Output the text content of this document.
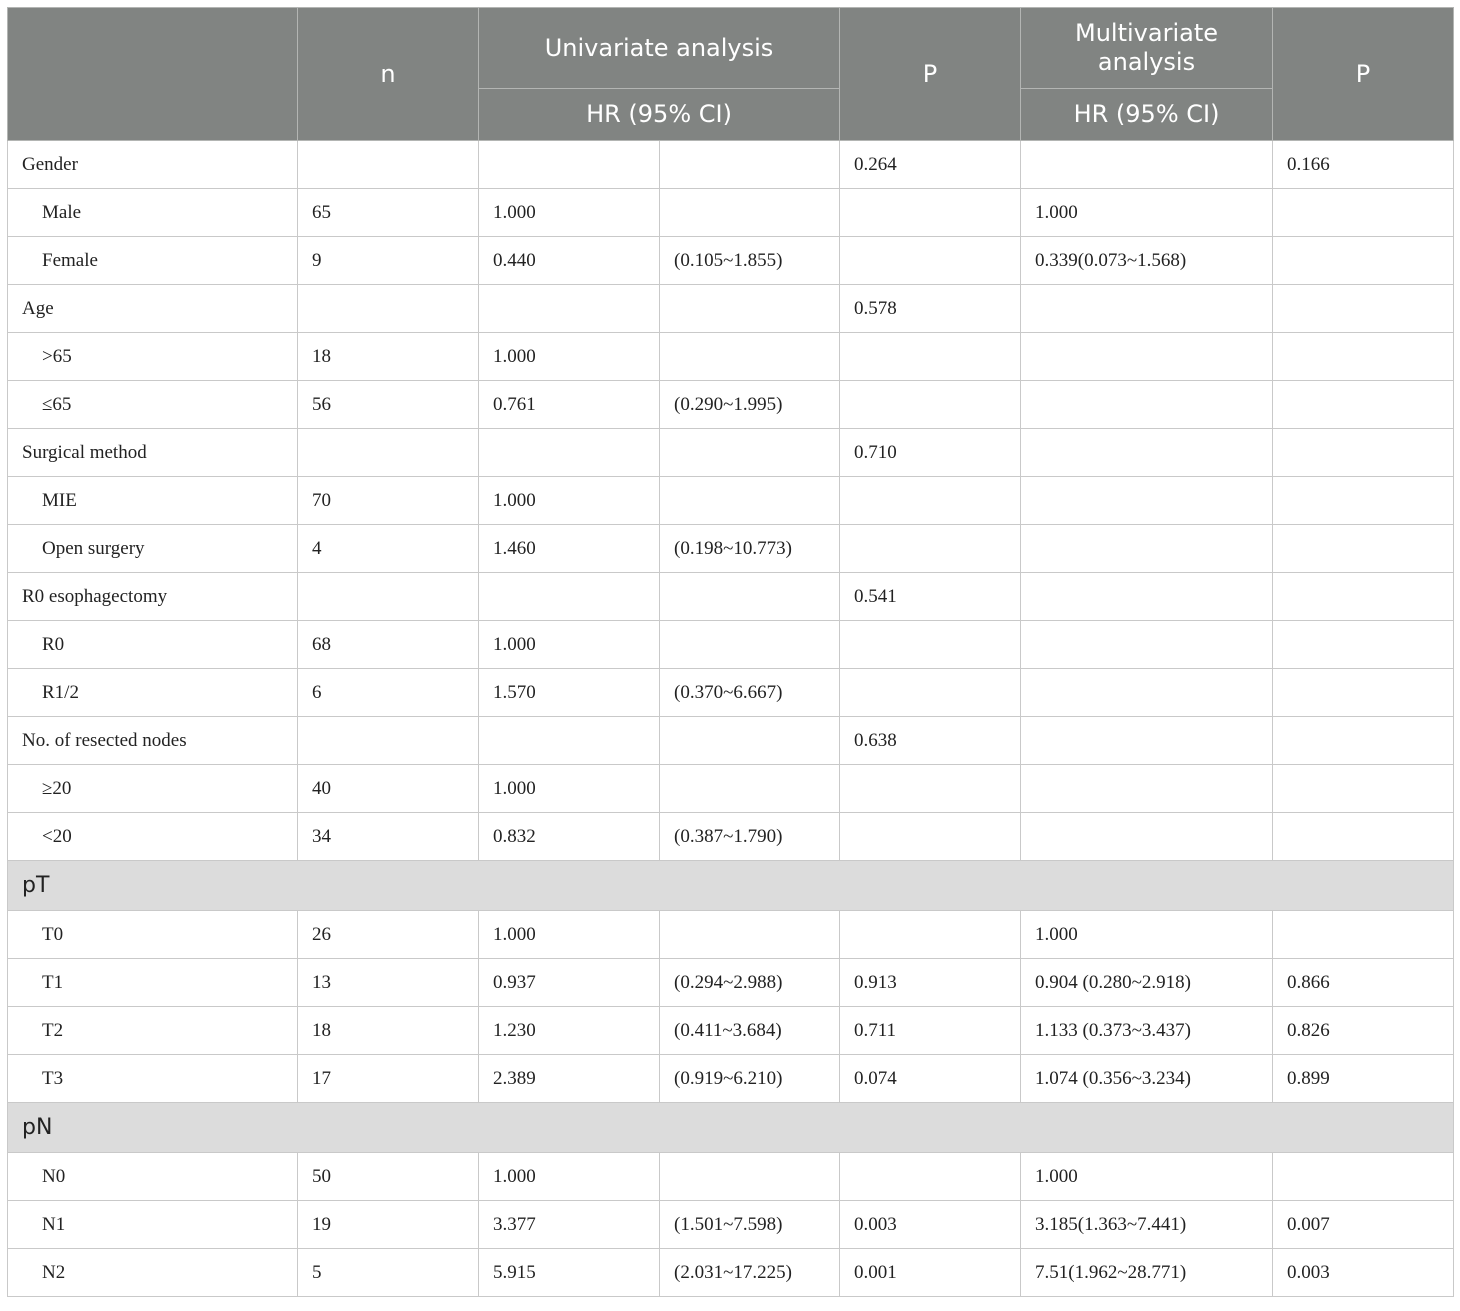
	n	Univariate analysis		P	Multivariate analysis	P
		HR (95% CI)			HR (95% CI)	
Gender				0.264		0.166
Male	65	1.000			1.000	
Female	9	0.440	(0.105~1.855)		0.339(0.073~1.568)	
Age				0.578		
>65	18	1.000				
≤65	56	0.761	(0.290~1.995)			
Surgical method				0.710		
MIE	70	1.000				
Open surgery	4	1.460	(0.198~10.773)			
R0 esophagectomy				0.541		
R0	68	1.000				
R1/2	6	1.570	(0.370~6.667)			
No. of resected nodes				0.638		
≥20	40	1.000				
<20	34	0.832	(0.387~1.790)			
pT						
T0	26	1.000			1.000	
T1	13	0.937	(0.294~2.988)	0.913	0.904 (0.280~2.918)	0.866
T2	18	1.230	(0.411~3.684)	0.711	1.133 (0.373~3.437)	0.826
T3	17	2.389	(0.919~6.210)	0.074	1.074 (0.356~3.234)	0.899
pN						
N0	50	1.000			1.000	
N1	19	3.377	(1.501~7.598)	0.003	3.185(1.363~7.441)	0.007
N2	5	5.915	(2.031~17.225)	0.001	7.51(1.962~28.771)	0.003
